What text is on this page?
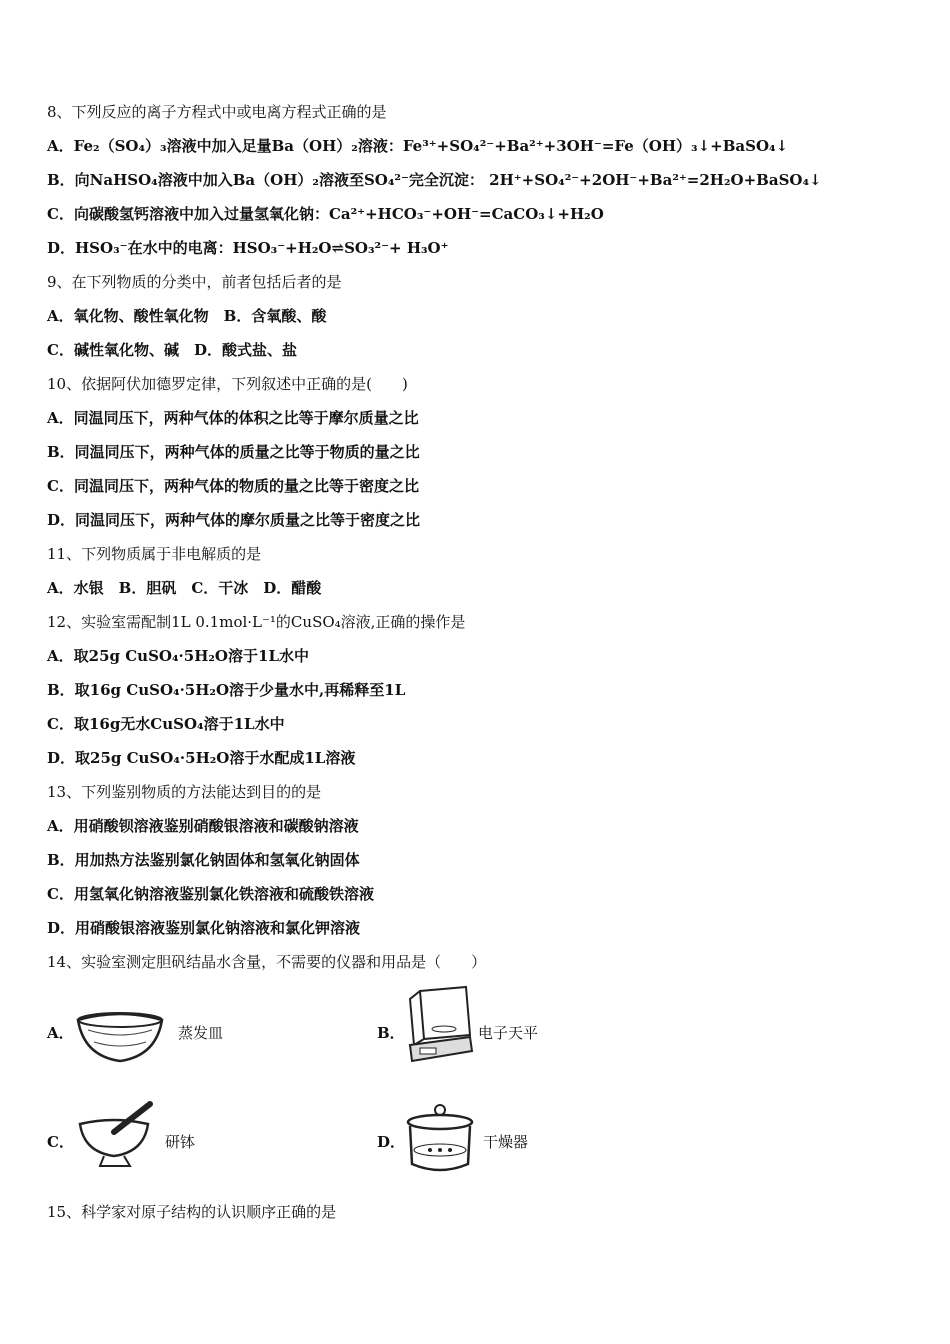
8、下列反应的离子方程式中或电离方程式正确的是
A．Fe₂（SO₄）₃溶液中加入足量Ba（OH）₂溶液：Fe³⁺+SO₄²⁻+Ba²⁺+3OH⁻=Fe（OH）₃↓+BaSO₄↓
B．向NaHSO₄溶液中加入Ba（OH）₂溶液至SO₄²⁻完全沉淀： 2H⁺+SO₄²⁻+2OH⁻+Ba²⁺=2H₂O+BaSO₄↓
C．向碳酸氢钙溶液中加入过量氢氧化钠：Ca²⁺+HCO₃⁻+OH⁻=CaCO₃↓+H₂O
D．HSO₃⁻在水中的电离：HSO₃⁻+H₂O⇌SO₃²⁻+ H₃O⁺
9、在下列物质的分类中，前者包括后者的是
A．氧化物、酸性氧化物　B．含氧酸、酸
C．碱性氧化物、碱　D．酸式盐、盐
10、依据阿伏加德罗定律，下列叙述中正确的是(　　)
A．同温同压下，两种气体的体积之比等于摩尔质量之比
B．同温同压下，两种气体的质量之比等于物质的量之比
C．同温同压下，两种气体的物质的量之比等于密度之比
D．同温同压下，两种气体的摩尔质量之比等于密度之比
11、下列物质属于非电解质的是
A．水银　B．胆矾　C．干冰　D．醋酸
12、实验室需配制1L 0.1mol·L⁻¹的CuSO₄溶液,正确的操作是
A．取25g CuSO₄·5H₂O溶于1L水中
B．取16g CuSO₄·5H₂O溶于少量水中,再稀释至1L
C．取16g无水CuSO₄溶于1L水中
D．取25g CuSO₄·5H₂O溶于水配成1L溶液
13、下列鉴别物质的方法能达到目的的是
A．用硝酸钡溶液鉴别硝酸银溶液和碳酸钠溶液
B．用加热方法鉴别氯化钠固体和氢氧化钠固体
C．用氢氧化钠溶液鉴别氯化铁溶液和硫酸铁溶液
D．用硝酸银溶液鉴别氯化钠溶液和氯化钾溶液
14、实验室测定胆矾结晶水含量，不需要的仪器和用品是（　　）
A．	蒸发皿	B．	电子天平
C．	研钵	D．	干燥器
15、科学家对原子结构的认识顺序正确的是
